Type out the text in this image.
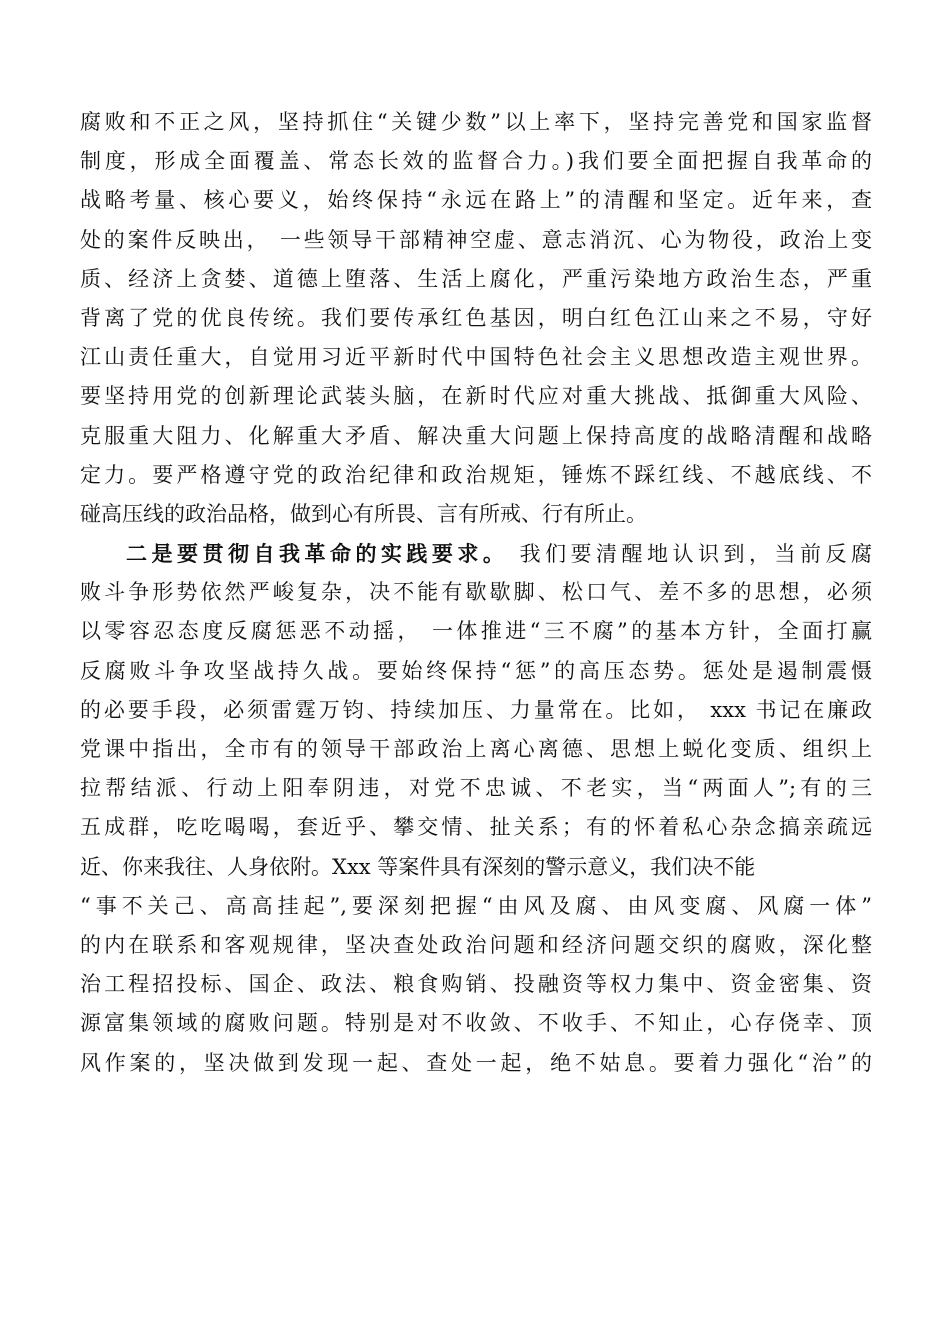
腐败和不正之风，坚持抓住“关键少数”以上率下，坚持完善党和国家监督
制度，形成全面覆盖、常态长效的监督合力。)我们要全面把握自我革命的
战略考量、核心要义，始终保持“永远在路上”的清醒和坚定。近年来，查
处的案件反映出， 一些领导干部精神空虚、意志消沉、心为物役，政治上变
质、经济上贪婪、道德上堕落、生活上腐化，严重污染地方政治生态，严重
背离了党的优良传统。我们要传承红色基因，明白红色江山来之不易，守好
江山责任重大，自觉用习近平新时代中国特色社会主义思想改造主观世界。
要坚持用党的创新理论武装头脑，在新时代应对重大挑战、抵御重大风险、
克服重大阻力、化解重大矛盾、解决重大问题上保持高度的战略清醒和战略
定力。要严格遵守党的政治纪律和政治规矩，锤炼不踩红线、不越底线、不
碰高压线的政治品格，做到心有所畏、言有所戒、行有所止。
二是要贯彻自我革命的实践要求。 我们要清醒地认识到，当前反腐
败斗争形势依然严峻复杂，决不能有歇歇脚、松口气、差不多的思想，必须
以零容忍态度反腐惩恶不动摇， 一体推进“三不腐”的基本方针，全面打赢
反腐败斗争攻坚战持久战。要始终保持“惩”的高压态势。惩处是遏制震慑
的必要手段，必须雷霆万钧、持续加压、力量常在。比如， xxx 书记在廉政
党课中指出，全市有的领导干部政治上离心离德、思想上蜕化变质、组织上
拉帮结派、行动上阳奉阴违，对党不忠诚、不老实，当“两面人”;有的三
五成群，吃吃喝喝，套近乎、攀交情、扯关系；有的怀着私心杂念搞亲疏远
近、你来我往、人身依附。Xxx 等案件具有深刻的警示意义，我们决不能
“事不关己、高高挂起”,要深刻把握“由风及腐、由风变腐、风腐一体”
的内在联系和客观规律，坚决查处政治问题和经济问题交织的腐败，深化整
治工程招投标、国企、政法、粮食购销、投融资等权力集中、资金密集、资
源富集领域的腐败问题。特别是对不收敛、不收手、不知止，心存侥幸、顶
风作案的，坚决做到发现一起、查处一起，绝不姑息。要着力强化“治”的
